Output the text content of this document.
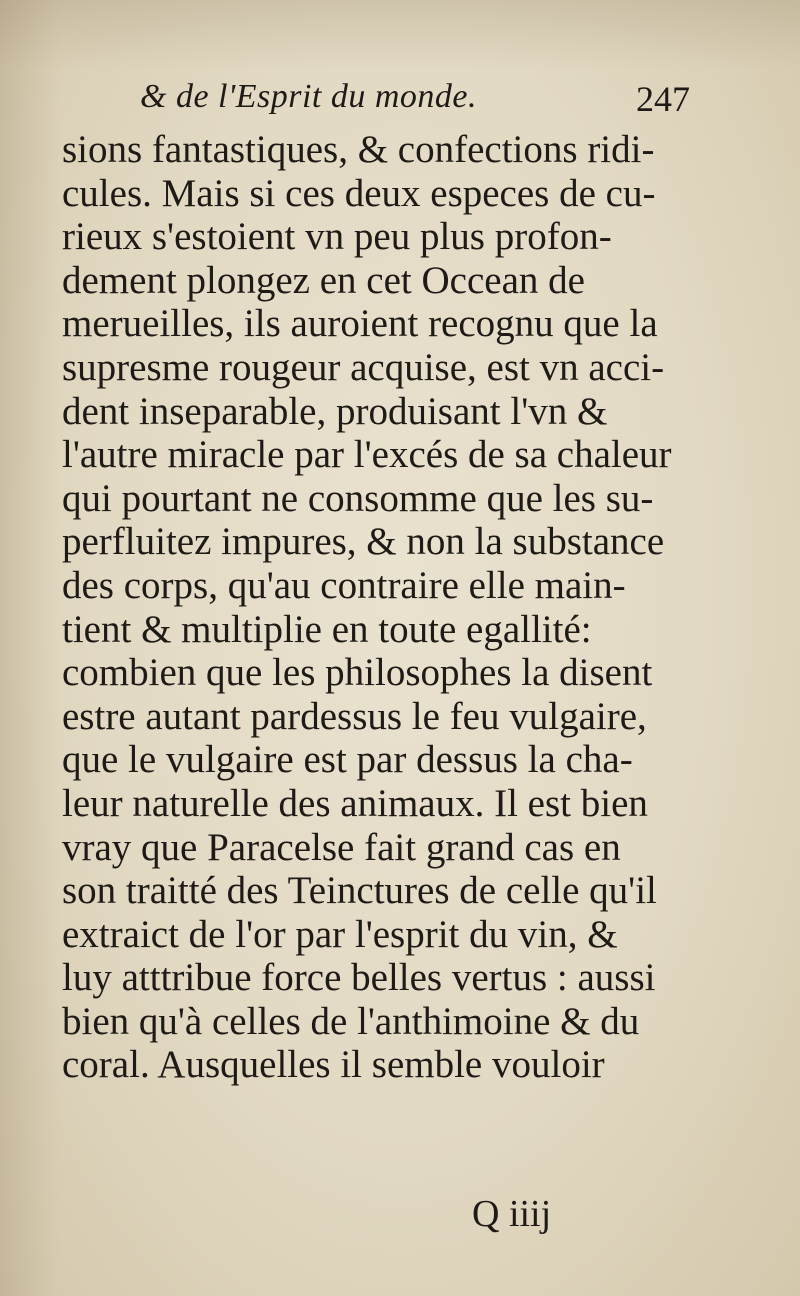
& de l'Esprit du monde.	247
sions fantastiques, & confections ridi-
cules. Mais si ces deux especes de cu-
rieux s'estoient vn peu plus profon-
dement plongez en cet Occean de
merueilles, ils auroient recognu que la
supresme rougeur acquise, est vn acci-
dent inseparable, produisant l'vn &
l'autre miracle par l'excés de sa chaleur
qui pourtant ne consomme que les su-
perfluitez impures, & non la substance
des corps, qu'au contraire elle main-
tient & multiplie en toute egallité:
combien que les philosophes la disent
estre autant pardessus le feu vulgaire,
que le vulgaire est par dessus la cha-
leur naturelle des animaux. Il est bien
vray que Paracelse fait grand cas en
son traitté des Teinctures de celle qu'il
extraict de l'or par l'esprit du vin, &
luy atttribue force belles vertus : aussi
bien qu'à celles de l'anthimoine & du
coral. Ausquelles il semble vouloir
Q iiij
